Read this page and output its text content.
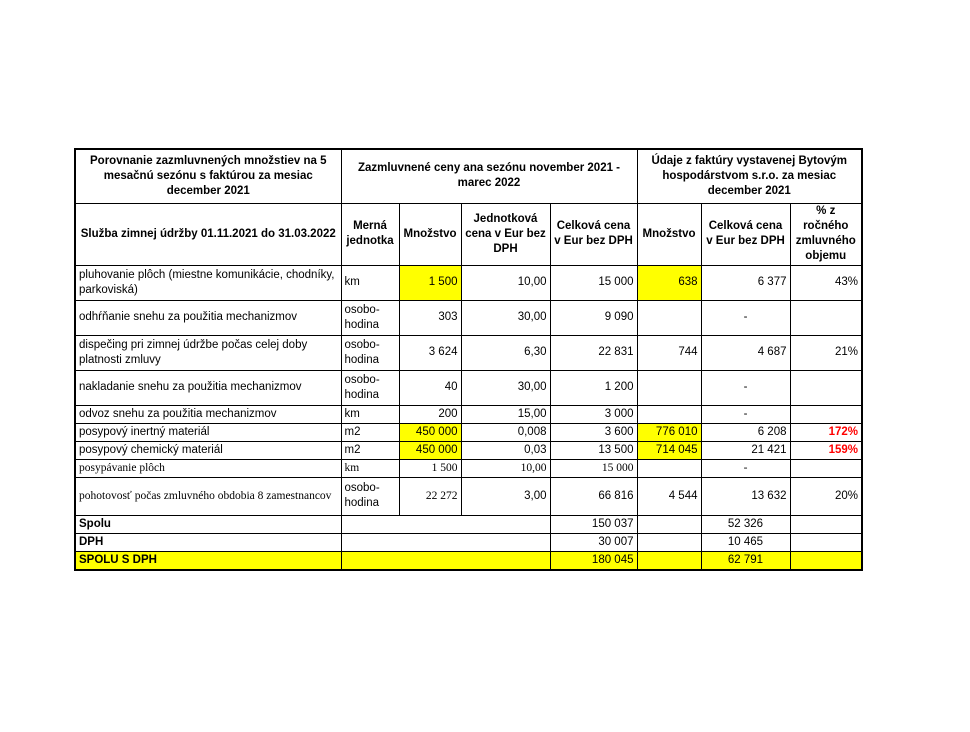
Porovnanie zazmluvnených množstiev na 5 mesačnú sezónu s faktúrou za mesiac december 2021	Zazmluvnené ceny ana sezónu november 2021 - marec 2022				Údaje z faktúry vystavenej Bytovým hospodárstvom s.r.o. za mesiac december 2021		
Služba zimnej údržby 01.11.2021 do 31.03.2022	Merná jednotka	Množstvo	Jednotková cena v Eur bez DPH	Celková cena v Eur bez DPH	Množstvo	Celková cena v Eur bez DPH	% z ročného zmluvného objemu
pluhovanie plôch (miestne komunikácie, chodníky, parkoviská)	km	1 500	10,00	15 000	638	6 377	43%
odhŕňanie snehu za použitia mechanizmov	osobo-hodina	303	30,00	9 090		-	
dispečing pri zimnej údržbe počas celej doby platnosti zmluvy	osobo-hodina	3 624	6,30	22 831	744	4 687	21%
nakladanie snehu za použitia mechanizmov	osobo-hodina	40	30,00	1 200		-	
odvoz snehu za použitia mechanizmov	km	200	15,00	3 000		-	
posypový inertný materiál	m2	450 000	0,008	3 600	776 010	6 208	172%
posypový chemický materiál	m2	450 000	0,03	13 500	714 045	21 421	159%
posypávanie plôch	km	1 500	10,00	15 000		-	
pohotovosť počas zmluvného obdobia 8 zamestnancov	osobo-hodina	22 272	3,00	66 816	4 544	13 632	20%
Spolu				150 037		52 326	
DPH				30 007		10 465	
SPOLU S DPH				180 045		62 791	
